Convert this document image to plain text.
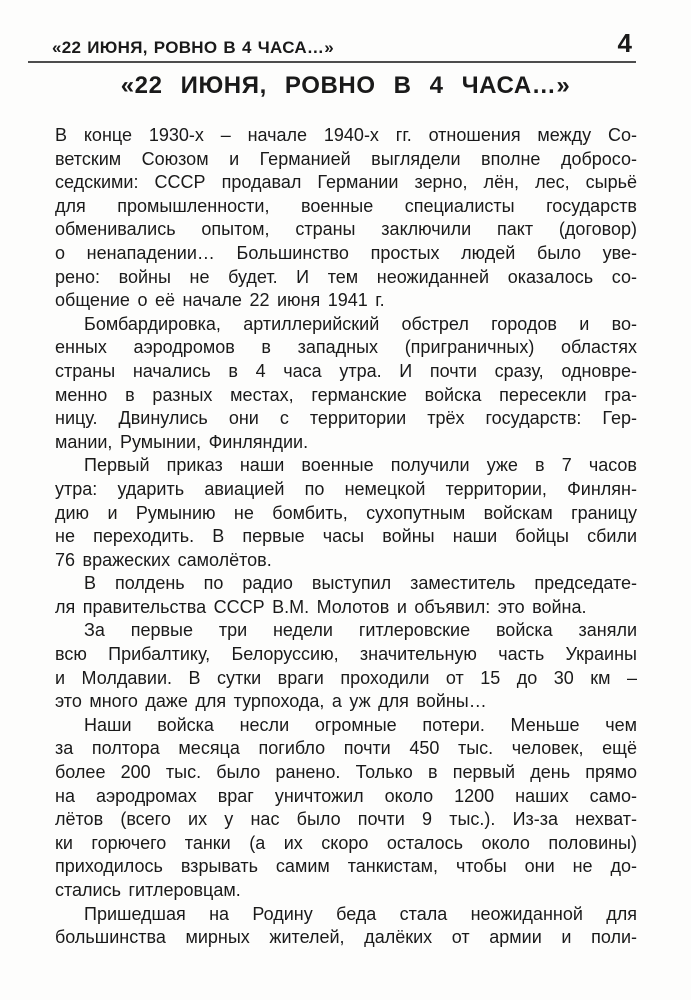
«22 ИЮНЯ, РОВНО В 4 ЧАСА…»	4
«22 ИЮНЯ, РОВНО В 4 ЧАСА…»
В конце 1930-х – начале 1940-х гг. отношения между Со-
ветским Союзом и Германией выглядели вполне добросо-
седскими: СССР продавал Германии зерно, лён, лес, сырьё
для промышленности, военные специалисты государств
обменивались опытом, страны заключили пакт (договор)
о ненападении… Большинство простых людей было уве-
рено: войны не будет. И тем неожиданней оказалось со-
общение о её начале 22 июня 1941 г.
Бомбардировка, артиллерийский обстрел городов и во-
енных аэродромов в западных (приграничных) областях
страны начались в 4 часа утра. И почти сразу, одновре-
менно в разных местах, германские войска пересекли гра-
ницу. Двинулись они с территории трёх государств: Гер-
мании, Румынии, Финляндии.
Первый приказ наши военные получили уже в 7 часов
утра: ударить авиацией по немецкой территории, Финлян-
дию и Румынию не бомбить, сухопутным войскам границу
не переходить. В первые часы войны наши бойцы сбили
76 вражеских самолётов.
В полдень по радио выступил заместитель председате-
ля правительства СССР В.М. Молотов и объявил: это война.
За первые три недели гитлеровские войска заняли
всю Прибалтику, Белоруссию, значительную часть Украины
и Молдавии. В сутки враги проходили от 15 до 30 км –
это много даже для турпохода, а уж для войны…
Наши войска несли огромные потери. Меньше чем
за полтора месяца погибло почти 450 тыс. человек, ещё
более 200 тыс. было ранено. Только в первый день прямо
на аэродромах враг уничтожил около 1200 наших само-
лётов (всего их у нас было почти 9 тыс.). Из-за нехват-
ки горючего танки (а их скоро осталось около половины)
приходилось взрывать самим танкистам, чтобы они не до-
стались гитлеровцам.
Пришедшая на Родину беда стала неожиданной для
большинства мирных жителей, далёких от армии и поли-
